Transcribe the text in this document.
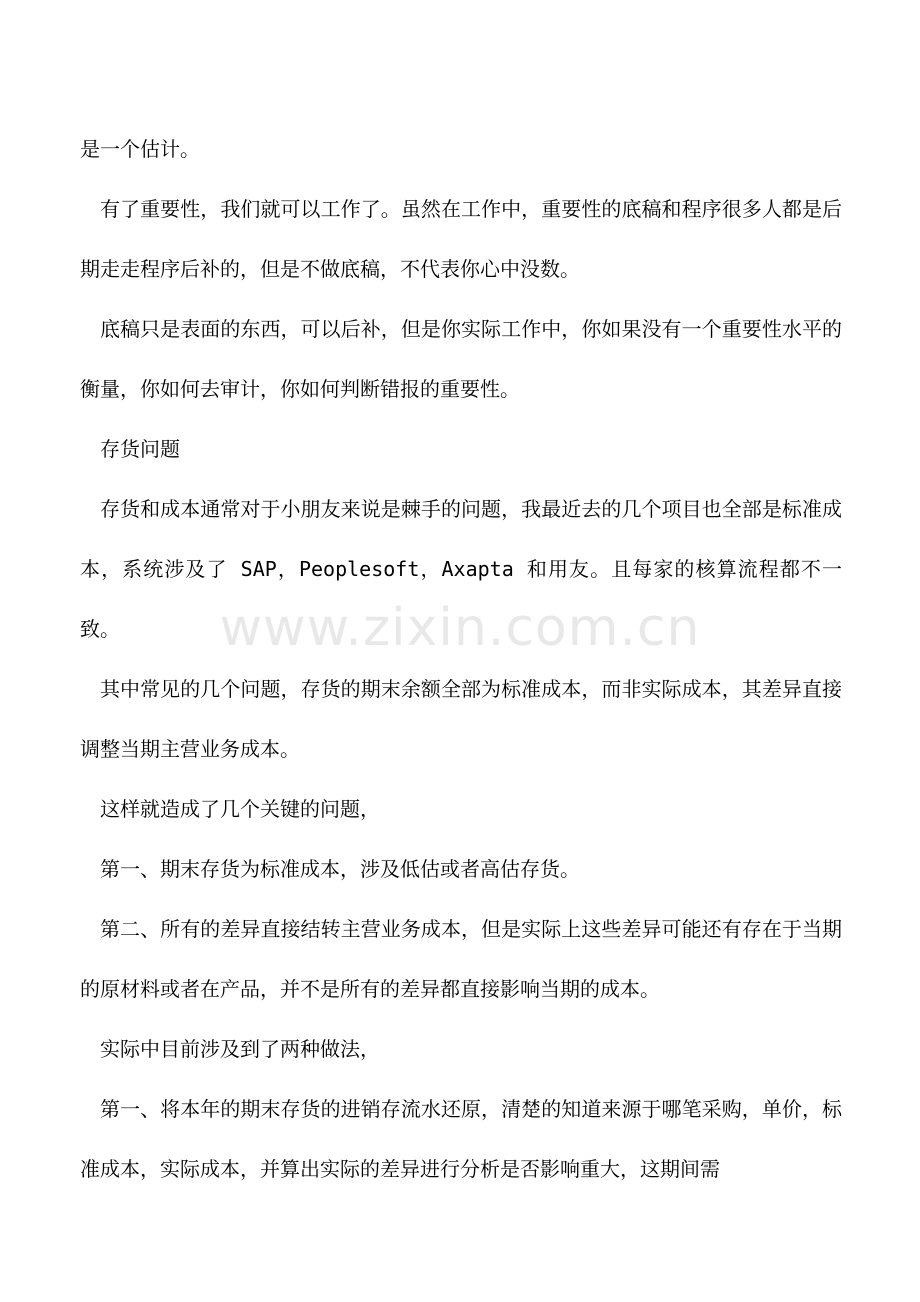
是一个估计。

有了重要性，我们就可以工作了。虽然在工作中，重要性的底稿和程序很多人都是后期走走程序后补的，但是不做底稿，不代表你心中没数。

底稿只是表面的东西，可以后补，但是你实际工作中，你如果没有一个重要性水平的衡量，你如何去审计，你如何判断错报的重要性。

存货问题

存货和成本通常对于小朋友来说是棘手的问题，我最近去的几个项目也全部是标准成本，系统涉及了 SAP，Peoplesoft，Axapta 和用友。且每家的核算流程都不一致。

其中常见的几个问题，存货的期末余额全部为标准成本，而非实际成本，其差异直接调整当期主营业务成本。

这样就造成了几个关键的问题，

第一、期末存货为标准成本，涉及低估或者高估存货。

第二、所有的差异直接结转主营业务成本，但是实际上这些差异可能还有存在于当期的原材料或者在产品，并不是所有的差异都直接影响当期的成本。

实际中目前涉及到了两种做法，

第一、将本年的期末存货的进销存流水还原，清楚的知道来源于哪笔采购，单价，标准成本，实际成本，并算出实际的差异进行分析是否影响重大，这期间需

www.zixin.com.cn
